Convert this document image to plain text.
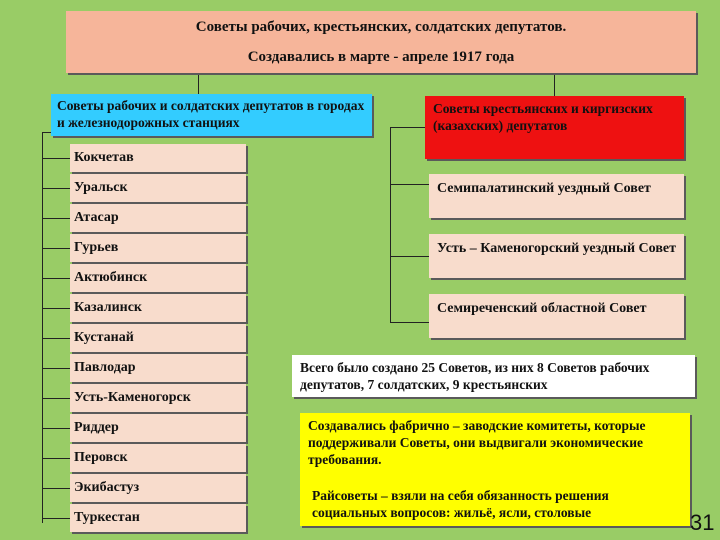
Советы рабочих, крестьянских, солдатских депутатов.
Создавались в марте - апреле 1917 года
Советы рабочих и солдатских депутатов в городах и железнодорожных станциях
Советы крестьянских и киргизских (казахских) депутатов
Кокчетав
Уральск
Атасар
Гурьев
Актюбинск
Казалинск
Кустанай
Павлодар
Усть-Каменогорск
Риддер
Перовск
Экибастуз
Туркестан
Семипалатинский уездный Совет
Усть – Каменогорский уездный Совет
Семиреченский областной Совет
Всего было создано 25 Советов, из них 8 Советов рабочих депутатов, 7 солдатских, 9 крестьянских
Создавались фабрично – заводские комитеты, которые поддерживали Советы, они выдвигали экономические требования.
Райсоветы – взяли на себя обязанность решения социальных вопросов: жильё, ясли, столовые	31
